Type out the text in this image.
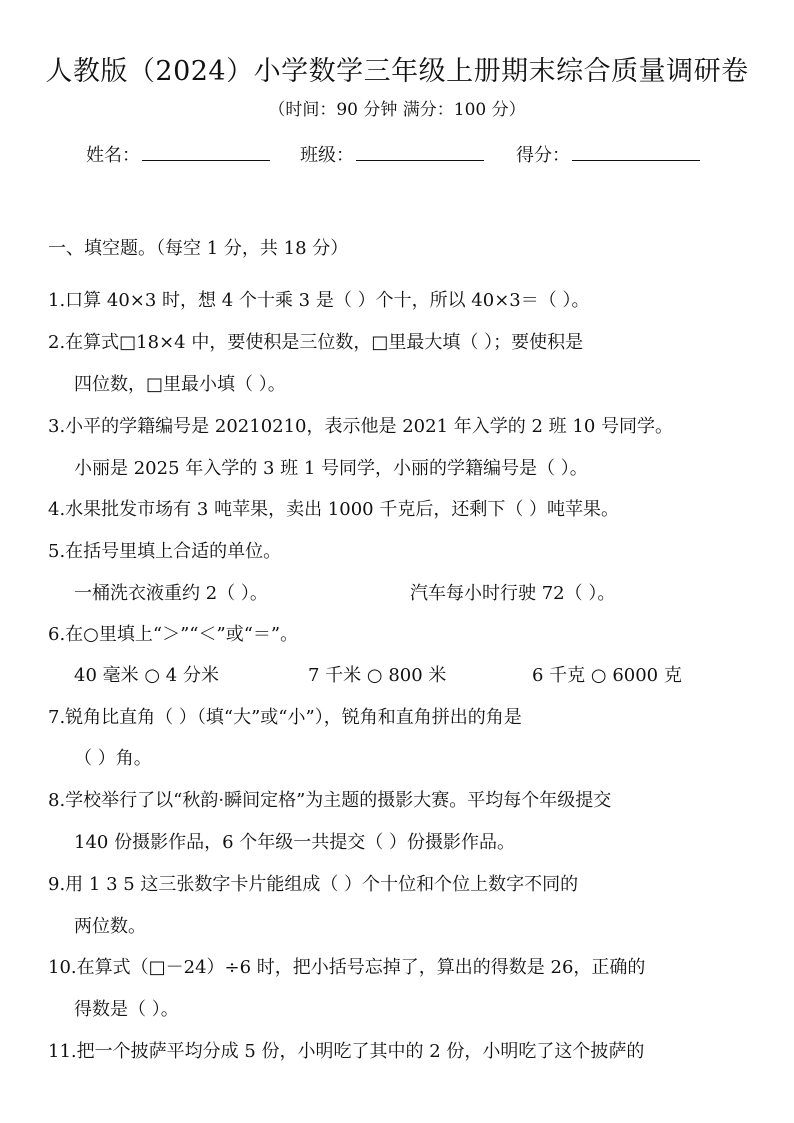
人教版（2024）小学数学三年级上册期末综合质量调研卷
（时间：90 分钟 满分：100 分）
姓名：	班级：	得分：
一、填空题。（每空 1 分，共 18 分）
1.口算 40×3 时，想 4 个十乘 3 是（ ）个十，所以 40×3＝（ ）。
2.在算式□18×4 中，要使积是三位数，□里最大填（ ）；要使积是
四位数，□里最小填（ ）。
3.小平的学籍编号是 20210210，表示他是 2021 年入学的 2 班 10 号同学。
小丽是 2025 年入学的 3 班 1 号同学，小丽的学籍编号是（ ）。
4.水果批发市场有 3 吨苹果，卖出 1000 千克后，还剩下（ ）吨苹果。
5.在括号里填上合适的单位。
一桶洗衣液重约 2（ ）。	汽车每小时行驶 72（ ）。
6.在○里填上“＞”“＜”或“＝”。
40 毫米 ○ 4 分米	7 千米 ○ 800 米	6 千克 ○ 6000 克
7.锐角比直角（ ）（填“大”或“小”），锐角和直角拼出的角是
（ ）角。
8.学校举行了以“秋韵·瞬间定格”为主题的摄影大赛。平均每个年级提交
140 份摄影作品，6 个年级一共提交（ ）份摄影作品。
9.用 1 3 5 这三张数字卡片能组成（ ）个十位和个位上数字不同的
两位数。
10.在算式（□－24）÷6 时，把小括号忘掉了，算出的得数是 26，正确的
得数是（ ）。
11.把一个披萨平均分成 5 份，小明吃了其中的 2 份，小明吃了这个披萨的
